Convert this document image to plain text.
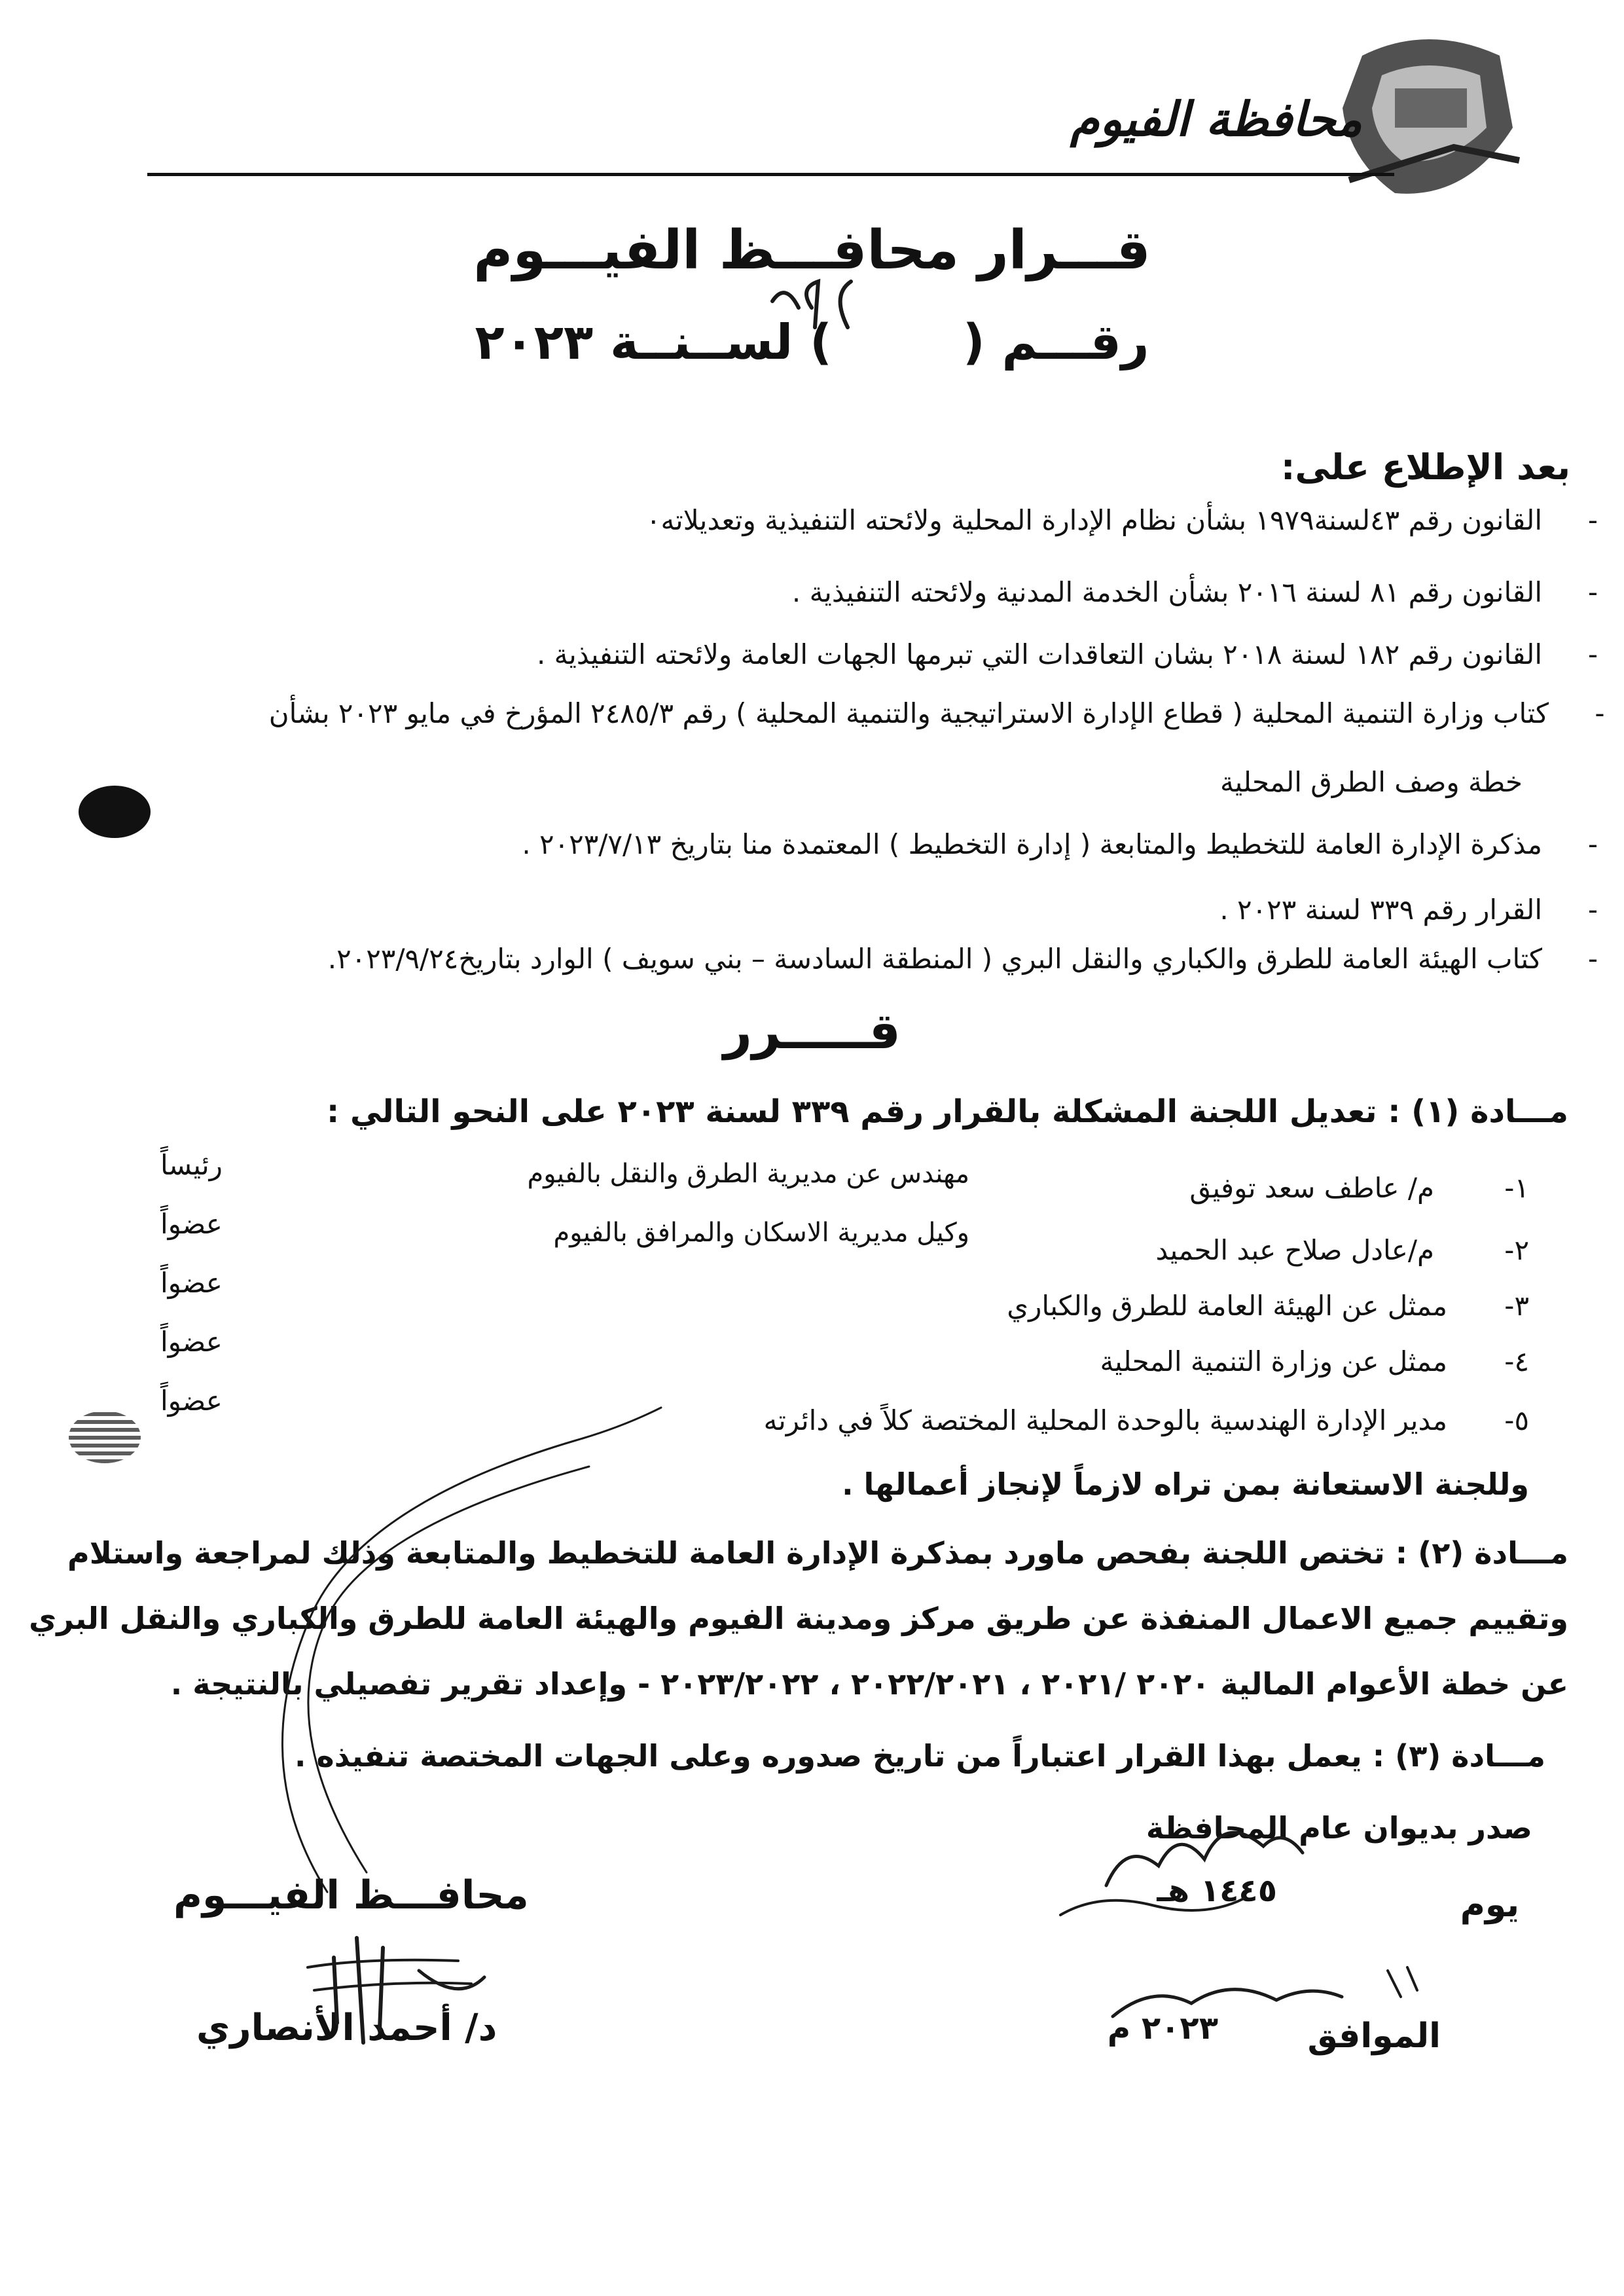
محافظة الفيوم
قـــرار محافـــظ الفيـــوم
رقـــم () لســنــة ٢٠٢٣
بعد الإطلاع على:
-
القانون رقم ٤٣لسنة١٩٧٩ بشأن نظام الإدارة المحلية ولائحته التنفيذية وتعديلاته٠
-
القانون رقم ٨١ لسنة ٢٠١٦ بشأن الخدمة المدنية ولائحته التنفيذية .
-
القانون رقم ١٨٢ لسنة ٢٠١٨ بشان التعاقدات التي تبرمها الجهات العامة ولائحته التنفيذية .
-
كتاب وزارة التنمية المحلية ( قطاع الإدارة الاستراتيجية والتنمية المحلية ) رقم ٢٤٨٥/٣ المؤرخ في مايو ٢٠٢٣ بشأن
خطة وصف الطرق المحلية
-
مذكرة الإدارة العامة للتخطيط والمتابعة ( إدارة التخطيط ) المعتمدة منا بتاريخ ٢٠٢٣/٧/١٣ .
-
القرار رقم ٣٣٩ لسنة ٢٠٢٣ .
-
كتاب الهيئة العامة للطرق والكباري والنقل البري ( المنطقة السادسة – بني سويف ) الوارد بتاريخ٢٠٢٣/٩/٢٤.
قـــــرر
مـــادة (١) : تعديل اللجنة المشكلة بالقرار رقم ٣٣٩ لسنة ٢٠٢٣ على النحو التالي :
١-
م/ عاطف سعد توفيق
مهندس عن مديرية الطرق والنقل بالفيوم
رئيساً
٢-
م/عادل صلاح عبد الحميد
وكيل مديرية الاسكان والمرافق بالفيوم
عضواً
٣-
ممثل عن الهيئة العامة للطرق والكباري
عضواً
٤-
ممثل عن وزارة التنمية المحلية
عضواً
٥-
مدير الإدارة الهندسية بالوحدة المحلية المختصة كلاً في دائرته
عضواً
وللجنة الاستعانة بمن تراه لازماً لإنجاز أعمالها .
مـــادة (٢) : تختص اللجنة بفحص ماورد بمذكرة الإدارة العامة للتخطيط والمتابعة وذلك لمراجعة واستلام
وتقييم جميع الاعمال المنفذة عن طريق مركز ومدينة الفيوم والهيئة العامة للطرق والكباري والنقل البري
عن خطة الأعوام المالية ٢٠٢٠ /٢٠٢١ ، ٢٠٢٢/٢٠٢١ ، ٢٠٢٣/٢٠٢٢ - وإعداد تقرير تفصيلي بالنتيجة .
مـــادة (٣) : يعمل بهذا القرار اعتباراً من تاريخ صدوره وعلى الجهات المختصة تنفيذه .
صدر بديوان عام المحافظة
يوم
١٤٤٥ هـ
الموافق
٢٠٢٣ م
محافـــظ الفيـــوم
د/ أحمد الأنصاري
